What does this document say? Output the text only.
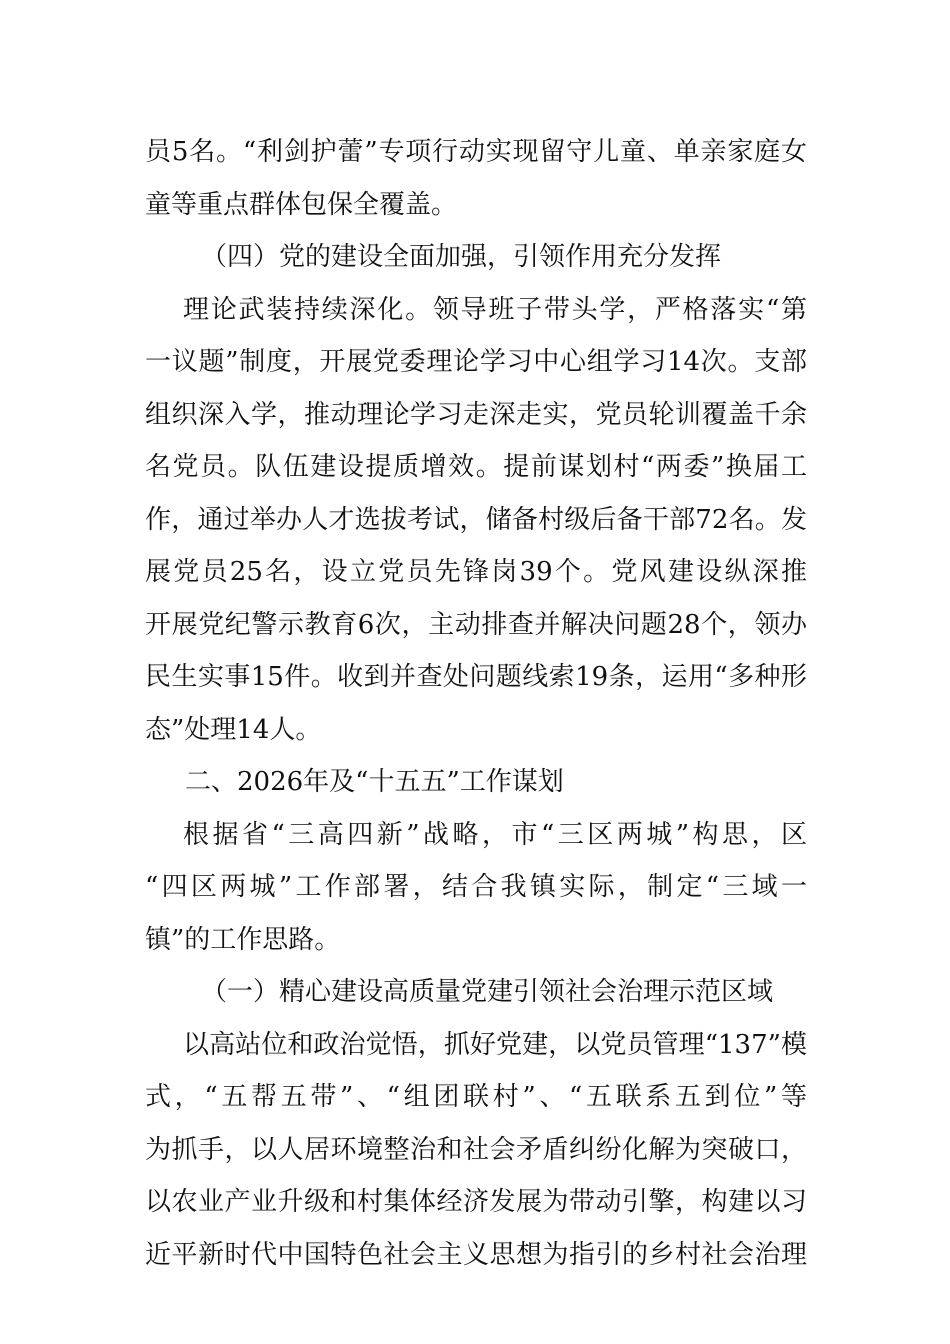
员5名。“利剑护蕾”专项行动实现留守儿童、单亲家庭女
童等重点群体包保全覆盖。
（四）党的建设全面加强，引领作用充分发挥
理论武装持续深化。领导班子带头学，严格落实“第
一议题”制度，开展党委理论学习中心组学习14次。支部
组织深入学，推动理论学习走深走实，党员轮训覆盖千余
名党员。队伍建设提质增效。提前谋划村“两委”换届工
作，通过举办人才选拔考试，储备村级后备干部72名。发
展党员25名，设立党员先锋岗39个。党风建设纵深推
开展党纪警示教育6次，主动排查并解决问题28个，领办
民生实事15件。收到并查处问题线索19条，运用“多种形
态”处理14人。
二、2026年及“十五五”工作谋划
根据省“三高四新”战略，市“三区两城”构思，区
“四区两城”工作部署，结合我镇实际，制定“三域一
镇”的工作思路。
（一）精心建设高质量党建引领社会治理示范区域
以高站位和政治觉悟，抓好党建，以党员管理“137”模
式，“五帮五带”、“组团联村”、“五联系五到位”等
为抓手，以人居环境整治和社会矛盾纠纷化解为突破口，
以农业产业升级和村集体经济发展为带动引擎，构建以习
近平新时代中国特色社会主义思想为指引的乡村社会治理
